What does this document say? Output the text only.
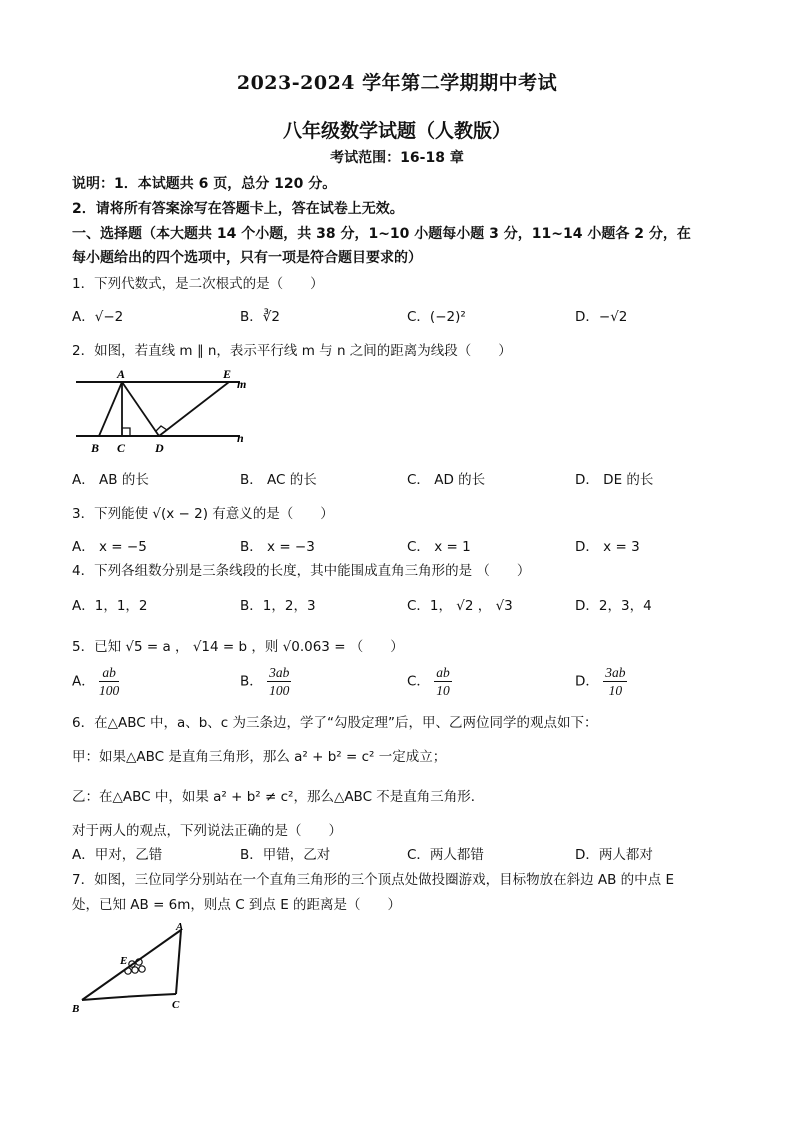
2023-2024 学年第二学期期中考试
八年级数学试题（人教版）
考试范围：16-18 章
说明：1．本试题共 6 页，总分 120 分。
2．请将所有答案涂写在答题卡上，答在试卷上无效。
一、选择题（本大题共 14 个小题，共 38 分，1~10 小题每小题 3 分，11~14 小题各 2 分，在
每小题给出的四个选项中，只有一项是符合题目要求的）
1．下列代数式，是二次根式的是（　　）
A．√−2	B．∛2	C．(−2)²	D．−√2
2．如图，若直线 m ∥ n，表示平行线 m 与 n 之间的距离为线段（　　）
A	E
m
n
B C D
A． AB 的长	B． AC 的长	C． AD 的长	D． DE 的长
3．下列能使 √(x − 2) 有意义的是（　　）
A． x = −5	B． x = −3	C． x = 1	D． x = 3
4．下列各组数分别是三条线段的长度，其中能围成直角三角形的是 （　　）
A．1，1，2	B．1，2，3	C．1， √2 ， √3	D．2，3，4
5．已知 √5 = a ， √14 = b ，则 √0.063 = （　　）
A． $\frac{ab}{100}$	B． $\frac{3ab}{100}$	C． $\frac{ab}{10}$	D． $\frac{3ab}{10}$
6．在△ABC 中，a、b、c 为三条边，学了“勾股定理”后，甲、乙两位同学的观点如下：
甲：如果△ABC 是直角三角形，那么 a² + b² = c² 一定成立；
乙：在△ABC 中，如果 a² + b² ≠ c²，那么△ABC 不是直角三角形．
对于两人的观点，下列说法正确的是（　　）
A．甲对，乙错	B．甲错，乙对	C．两人都错	D．两人都对
7．如图，三位同学分别站在一个直角三角形的三个顶点处做投圈游戏，目标物放在斜边 AB 的中点 E
处，已知 AB = 6m，则点 C 到点 E 的距离是（　　）
A
E
B	C
